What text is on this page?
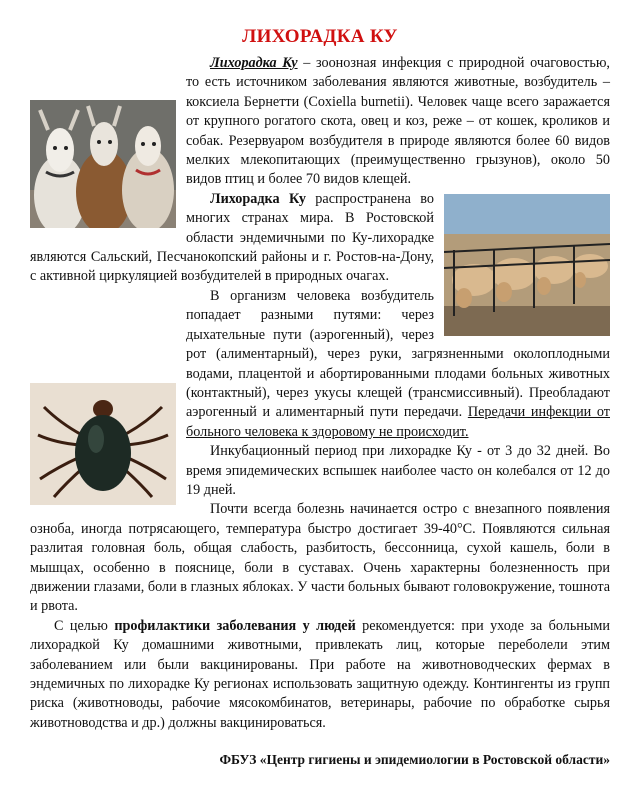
ЛИХОРАДКА КУ

Лихорадка Ку – зоонозная инфекция с природной очаговостью, то есть источником заболевания являются животные, возбудитель – коксиела Бернетти (Coxiella burnetii). Человек чаще всего заражается от крупного рогатого скота, овец и коз, реже – от кошек, кроликов и собак. Резервуаром возбудителя в природе являются более 60 видов мелких млекопитающих (преимущественно грызунов), около 50 видов птиц и более 70 видов клещей.

Лихорадка Ку распространена во многих странах мира. В Ростовской области эндемичными по Ку-лихорадке являются Сальский, Песчанокопский районы и г. Ростов-на-Дону, с активной циркуляцией возбудителей в природных очагах.

В организм человека возбудитель попадает разными путями: через дыхательные пути (аэрогенный), через рот (алиментарный), через руки, загрязненными околоплодными водами, плацентой и абортированными плодами больных животных (контактный), через укусы клещей (трансмиссивный). Преобладают аэрогенный и алиментарный пути передачи. Передачи инфекции от больного человека к здоровому не происходит.

Инкубационный период при лихорадке Ку - от 3 до 32 дней. Во время эпидемических вспышек наиболее часто он колебался от 12 до 19 дней.

Почти всегда болезнь начинается остро с внезапного появления озноба, иногда потрясающего, температура быстро достигает 39-40°С. Появляются сильная разлитая головная боль, общая слабость, разбитость, бессонница, сухой кашель, боли в мышцах, особенно в пояснице, боли в суставах. Очень характерны болезненность при движении глазами, боли в глазных яблоках. У части больных бывают головокружение, тошнота и рвота.

С целью профилактики заболевания у людей рекомендуется: при уходе за больными лихорадкой Ку домашними животными, привлекать лиц, которые переболели этим заболеванием или были вакцинированы. При работе на животноводческих фермах в эндемичных по лихорадке Ку регионах использовать защитную одежду. Контингенты из групп риска (животноводы, рабочие мясокомбинатов, ветеринары, рабочие по обработке сырья животноводства и др.) должны вакцинироваться.

ФБУЗ «Центр гигиены и эпидемиологии в Ростовской области»
